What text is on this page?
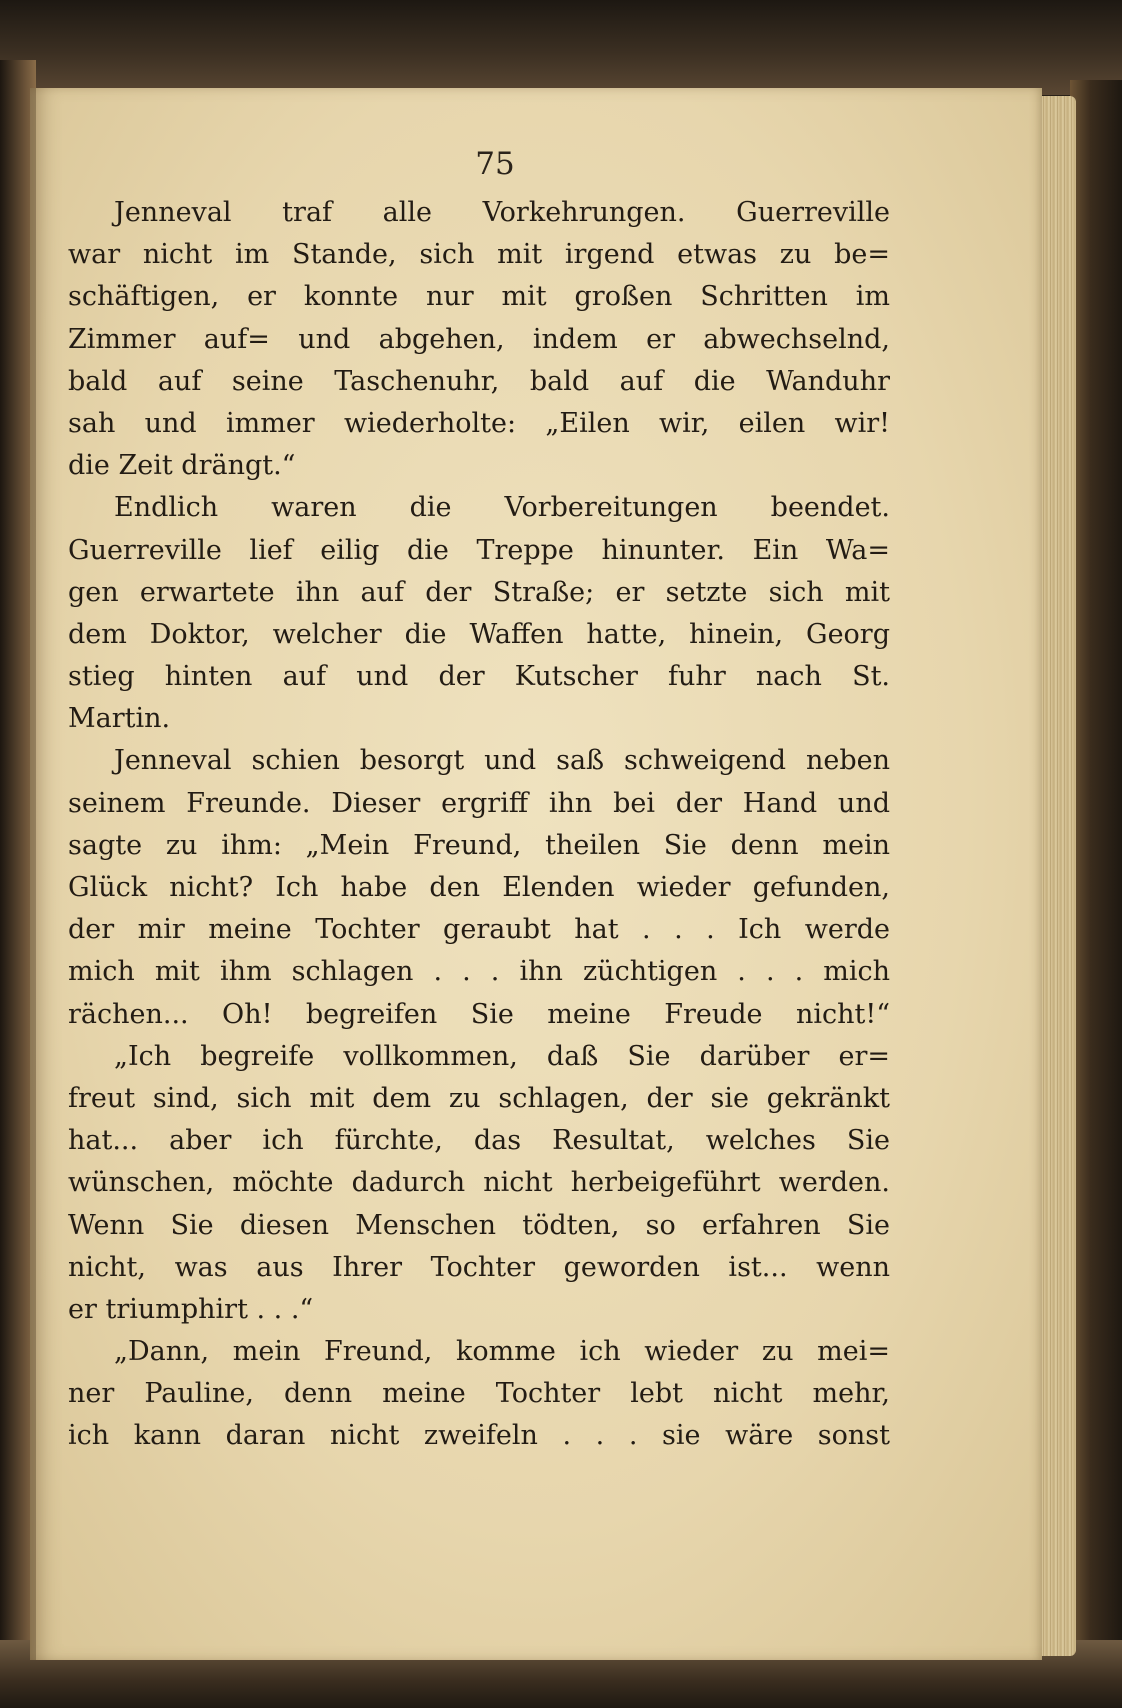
75
Jenneval traf alle Vorkehrungen. Guerreville
war nicht im Stande, sich mit irgend etwas zu be=
schäftigen, er konnte nur mit großen Schritten im
Zimmer auf= und abgehen, indem er abwechselnd,
bald auf seine Taschenuhr, bald auf die Wanduhr
sah und immer wiederholte: „Eilen wir, eilen wir!
die Zeit drängt.“
Endlich waren die Vorbereitungen beendet.
Guerreville lief eilig die Treppe hinunter. Ein Wa=
gen erwartete ihn auf der Straße; er setzte sich mit
dem Doktor, welcher die Waffen hatte, hinein, Georg
stieg hinten auf und der Kutscher fuhr nach St.
Martin.
Jenneval schien besorgt und saß schweigend neben
seinem Freunde. Dieser ergriff ihn bei der Hand und
sagte zu ihm: „Mein Freund, theilen Sie denn mein
Glück nicht? Ich habe den Elenden wieder gefunden,
der mir meine Tochter geraubt hat . . . Ich werde
mich mit ihm schlagen . . . ihn züchtigen . . . mich
rächen... Oh! begreifen Sie meine Freude nicht!“
„Ich begreife vollkommen, daß Sie darüber er=
freut sind, sich mit dem zu schlagen, der sie gekränkt
hat... aber ich fürchte, das Resultat, welches Sie
wünschen, möchte dadurch nicht herbeigeführt werden.
Wenn Sie diesen Menschen tödten, so erfahren Sie
nicht, was aus Ihrer Tochter geworden ist... wenn
er triumphirt . . .“
„Dann, mein Freund, komme ich wieder zu mei=
ner Pauline, denn meine Tochter lebt nicht mehr,
ich kann daran nicht zweifeln . . . sie wäre sonst
